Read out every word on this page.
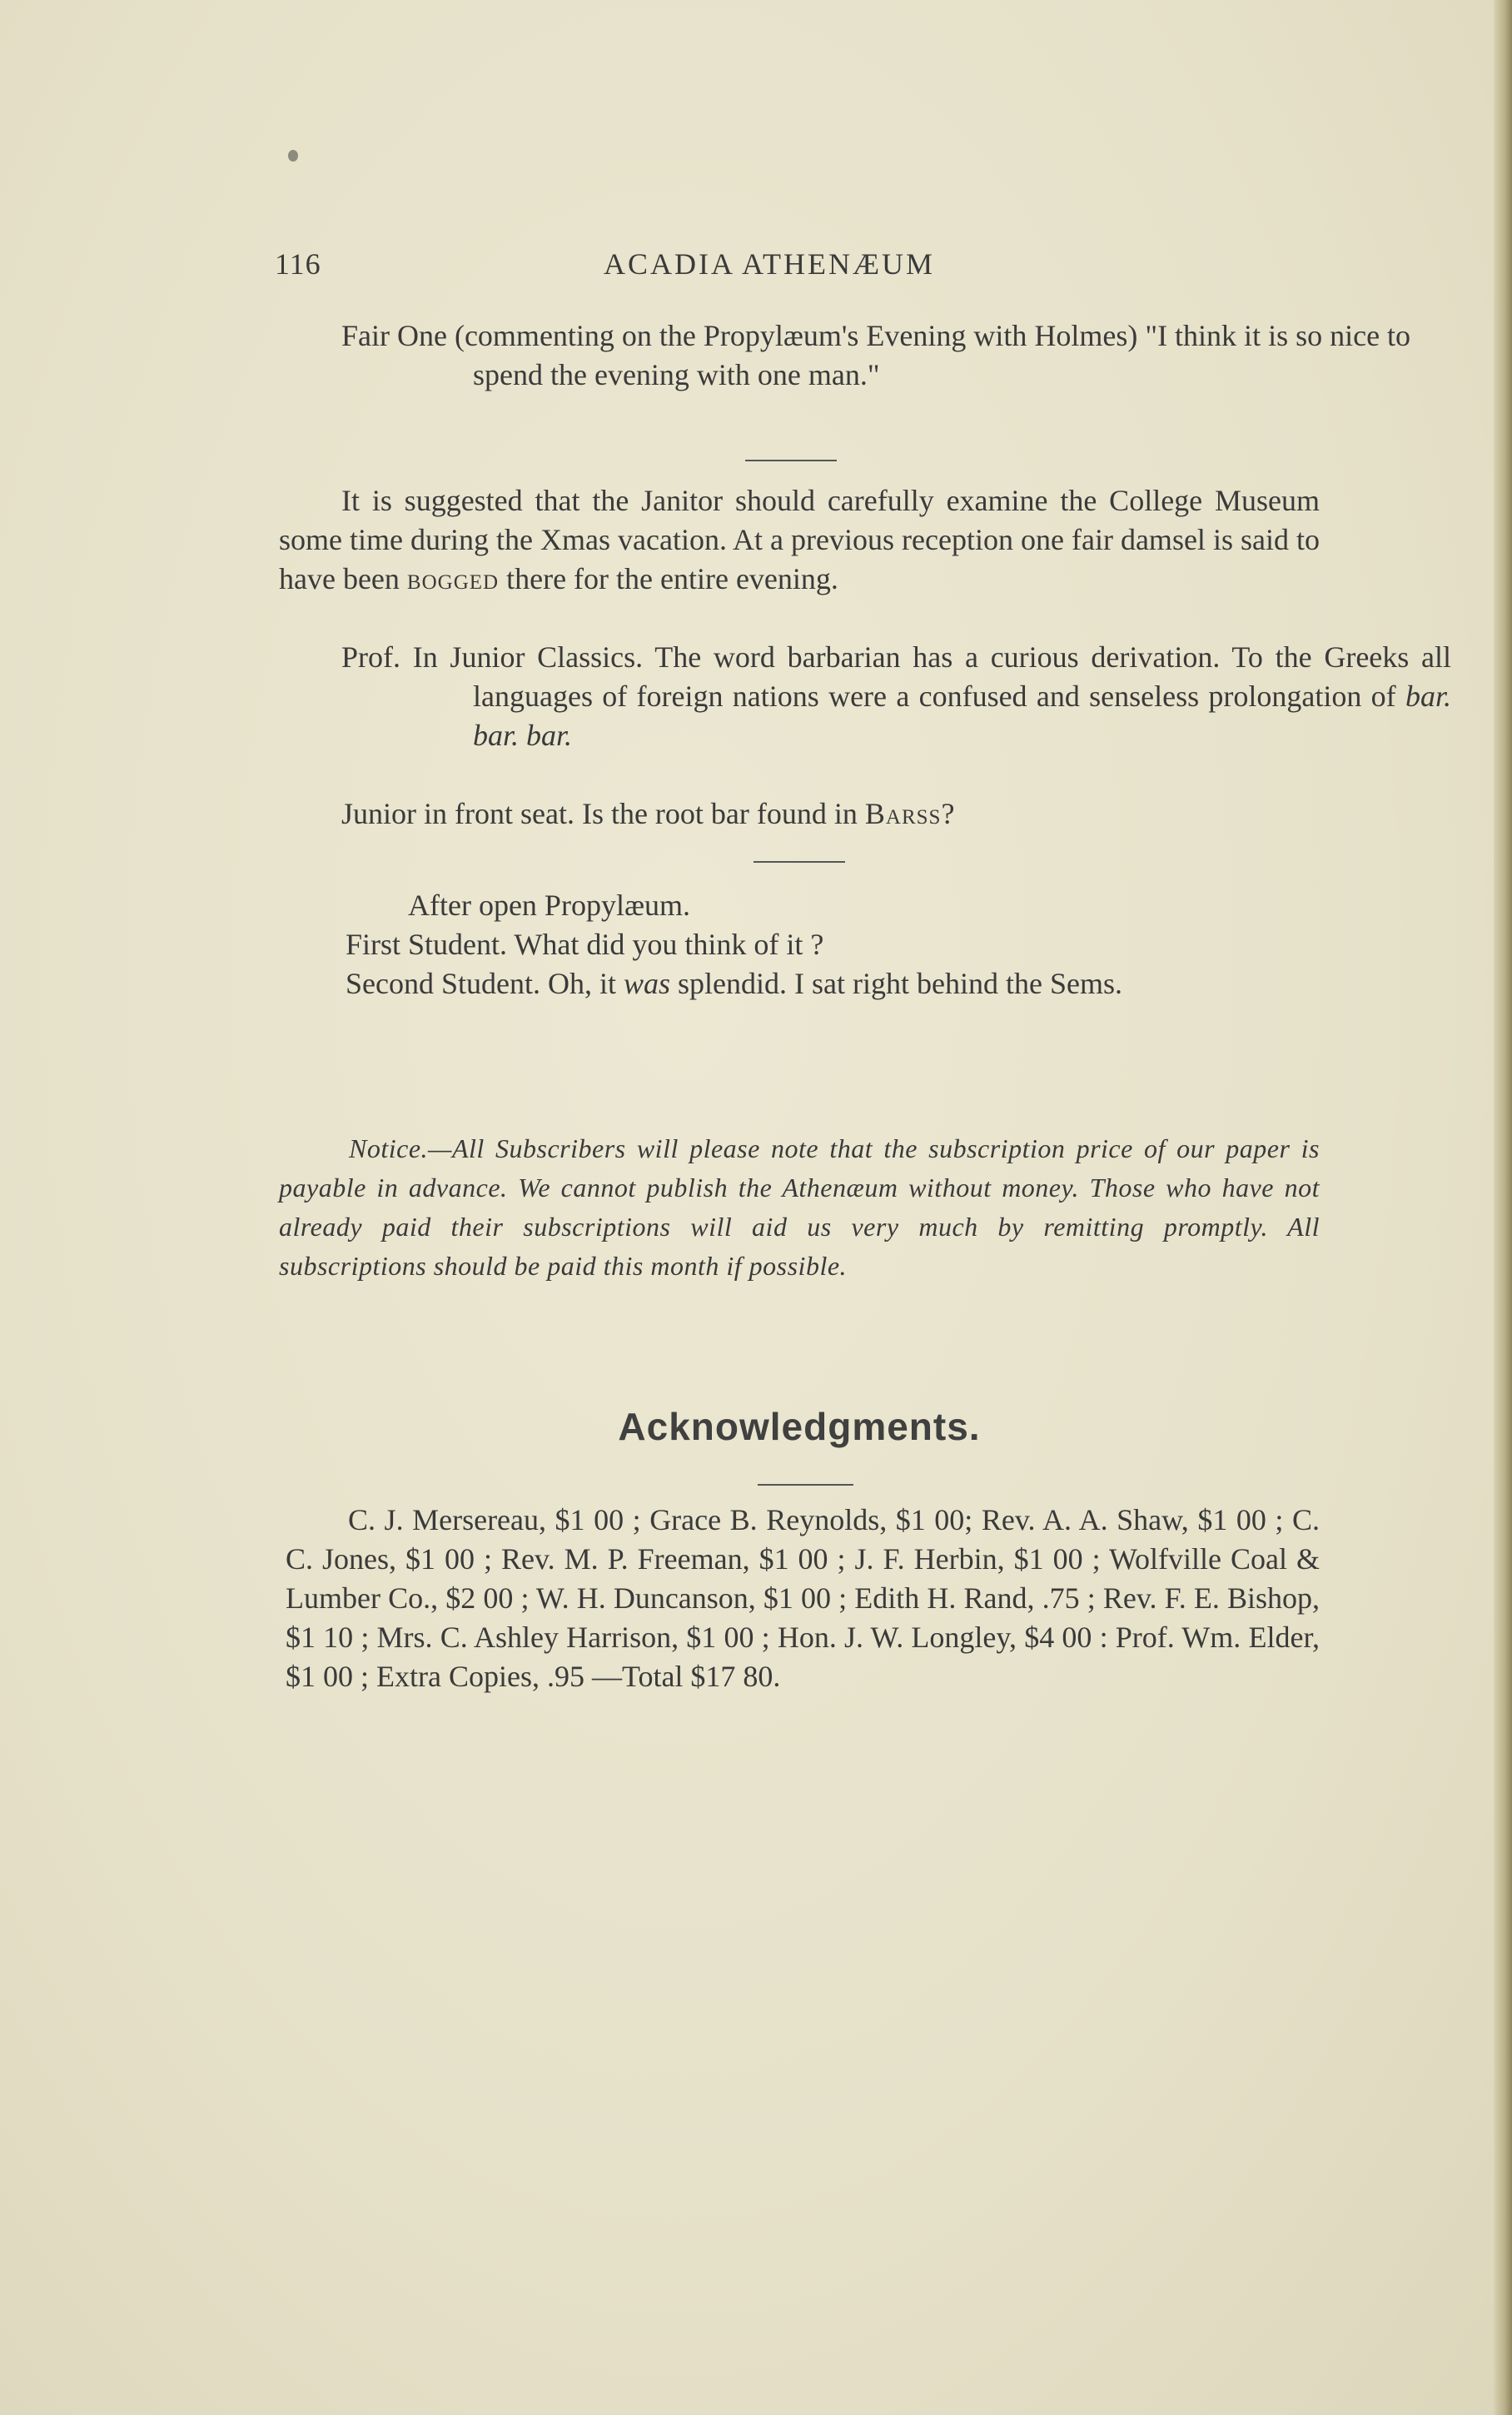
116	ACADIA ATHENÆUM
Fair One (commenting on the Propylæum's Evening with Holmes) "I think it is so nice to spend the evening with one man."
It is suggested that the Janitor should carefully examine the College Museum some time during the Xmas vacation. At a previous reception one fair damsel is said to have been bogged there for the entire evening.
Prof. In Junior Classics. The word barbarian has a curious derivation. To the Greeks all languages of foreign nations were a confused and senseless prolongation of bar. bar. bar.
Junior in front seat. Is the root bar found in Barss?
After open Propylæum.
First Student. What did you think of it ?
Second Student. Oh, it was splendid. I sat right behind the Sems.
Notice.—All Subscribers will please note that the subscription price of our paper is payable in advance. We cannot publish the Athenæum without money. Those who have not already paid their subscriptions will aid us very much by remitting promptly. All subscriptions should be paid this month if possible.
Acknowledgments.
C. J. Mersereau, $1 00 ; Grace B. Reynolds, $1 00; Rev. A. A. Shaw, $1 00 ; C. C. Jones, $1 00 ; Rev. M. P. Freeman, $1 00 ; J. F. Herbin, $1 00 ; Wolfville Coal & Lumber Co., $2 00 ; W. H. Duncanson, $1 00 ; Edith H. Rand, .75 ; Rev. F. E. Bishop, $1 10 ; Mrs. C. Ashley Harrison, $1 00 ; Hon. J. W. Longley, $4 00 : Prof. Wm. Elder, $1 00 ; Extra Copies, .95 —Total $17 80.
